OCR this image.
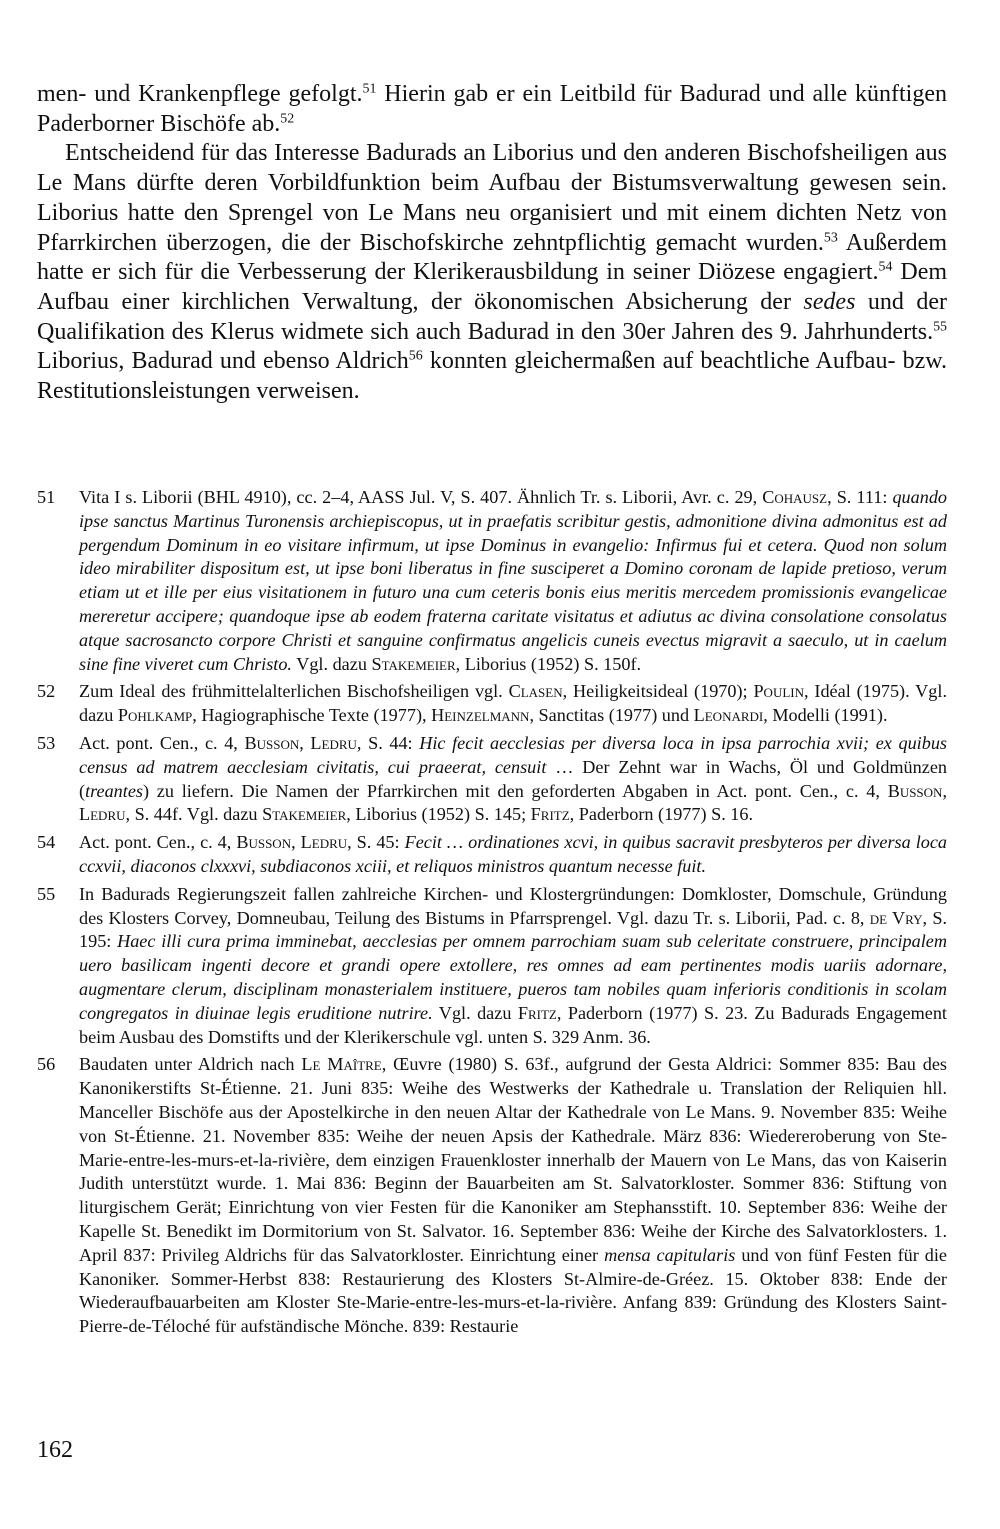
men- und Krankenpflege gefolgt.$^{51}$ Hierin gab er ein Leitbild für Badurad und alle künftigen Paderborner Bischöfe ab.$^{52}$

Entscheidend für das Interesse Badurads an Liborius und den anderen Bischofsheiligen aus Le Mans dürfte deren Vorbildfunktion beim Aufbau der Bistumsverwaltung gewesen sein. Liborius hatte den Sprengel von Le Mans neu organisiert und mit einem dichten Netz von Pfarrkirchen überzogen, die der Bischofskirche zehntpflichtig gemacht wurden.$^{53}$ Außerdem hatte er sich für die Verbesserung der Klerikerausbildung in seiner Diözese engagiert.$^{54}$ Dem Aufbau einer kirchlichen Verwaltung, der ökonomischen Absicherung der sedes und der Qualifikation des Klerus widmete sich auch Badurad in den 30er Jahren des 9. Jahrhunderts.$^{55}$ Liborius, Badurad und ebenso Aldrich$^{56}$ konnten gleichermaßen auf beachtliche Aufbau- bzw. Restitutionsleistungen verweisen.

51	Vita I s. Liborii (BHL 4910), cc. 2–4, AASS Jul. V, S. 407. Ähnlich Tr. s. Liborii, Avr. c. 29, Cohausz, S. 111: quando ipse sanctus Martinus Turonensis archiepiscopus, ut in praefatis scribitur gestis, admonitione divina admonitus est ad pergendum Dominum in eo visitare infirmum, ut ipse Dominus in evangelio: Infirmus fui et cetera. Quod non solum ideo mirabiliter dispositum est, ut ipse boni liberatus in fine susciperet a Domino coronam de lapide pretioso, verum etiam ut et ille per eius visitationem in futuro una cum ceteris bonis eius meritis mercedem promissionis evangelicae mereretur accipere; quandoque ipse ab eodem fraterna caritate visitatus et adiutus ac divina consolatione consolatus atque sacrosancto corpore Christi et sanguine confirmatus angelicis cuneis evectus migravit a saeculo, ut in caelum sine fine viveret cum Christo. Vgl. dazu Stakemeier, Liborius (1952) S. 150f.
52	Zum Ideal des frühmittelalterlichen Bischofsheiligen vgl. Clasen, Heiligkeitsideal (1970); Poulin, Idéal (1975). Vgl. dazu Pohlkamp, Hagiographische Texte (1977), Heinzelmann, Sanctitas (1977) und Leonardi, Modelli (1991).
53	Act. pont. Cen., c. 4, Busson, Ledru, S. 44: Hic fecit aecclesias per diversa loca in ipsa parrochia xvii; ex quibus census ad matrem aecclesiam civitatis, cui praeerat, censuit … Der Zehnt war in Wachs, Öl und Goldmünzen (treantes) zu liefern. Die Namen der Pfarrkirchen mit den geforderten Abgaben in Act. pont. Cen., c. 4, Busson, Ledru, S. 44f. Vgl. dazu Stakemeier, Liborius (1952) S. 145; Fritz, Paderborn (1977) S. 16.
54	Act. pont. Cen., c. 4, Busson, Ledru, S. 45: Fecit … ordinationes xcvi, in quibus sacravit presbyteros per diversa loca ccxvii, diaconos clxxxvi, subdiaconos xciii, et reliquos ministros quantum necesse fuit.
55	In Badurads Regierungszeit fallen zahlreiche Kirchen- und Klostergründungen: Domkloster, Domschule, Gründung des Klosters Corvey, Domneubau, Teilung des Bistums in Pfarrsprengel. Vgl. dazu Tr. s. Liborii, Pad. c. 8, de Vry, S. 195: Haec illi cura prima imminebat, aecclesias per omnem parrochiam suam sub celeritate construere, principalem uero basilicam ingenti decore et grandi opere extollere, res omnes ad eam pertinentes modis uariis adornare, augmentare clerum, disciplinam monasterialem instituere, pueros tam nobiles quam inferioris conditionis in scolam congregatos in diuinae legis eruditione nutrire. Vgl. dazu Fritz, Paderborn (1977) S. 23. Zu Badurads Engagement beim Ausbau des Domstifts und der Klerikerschule vgl. unten S. 329 Anm. 36.
56	Baudaten unter Aldrich nach Le Maître, Œuvre (1980) S. 63f., aufgrund der Gesta Aldrici: Sommer 835: Bau des Kanonikerstifts St-Étienne. 21. Juni 835: Weihe des Westwerks der Kathedrale u. Translation der Reliquien hll. Manceller Bischöfe aus der Apostelkirche in den neuen Altar der Kathedrale von Le Mans. 9. November 835: Weihe von St-Étienne. 21. November 835: Weihe der neuen Apsis der Kathedrale. März 836: Wiedereroberung von Ste-Marie-entre-les-murs-et-la-rivière, dem einzigen Frauenkloster innerhalb der Mauern von Le Mans, das von Kaiserin Judith unterstützt wurde. 1. Mai 836: Beginn der Bauarbeiten am St. Salvatorkloster. Sommer 836: Stiftung von liturgischem Gerät; Einrichtung von vier Festen für die Kanoniker am Stephansstift. 10. September 836: Weihe der Kapelle St. Benedikt im Dormitorium von St. Salvator. 16. September 836: Weihe der Kirche des Salvatorklosters. 1. April 837: Privileg Aldrichs für das Salvatorkloster. Einrichtung einer mensa capitularis und von fünf Festen für die Kanoniker. Sommer-Herbst 838: Restaurierung des Klosters St-Almire-de-Gréez. 15. Oktober 838: Ende der Wiederaufbauarbeiten am Kloster Ste-Marie-entre-les-murs-et-la-rivière. Anfang 839: Gründung des Klosters Saint-Pierre-de-Téloché für aufständische Mönche. 839: Restaurie
162
